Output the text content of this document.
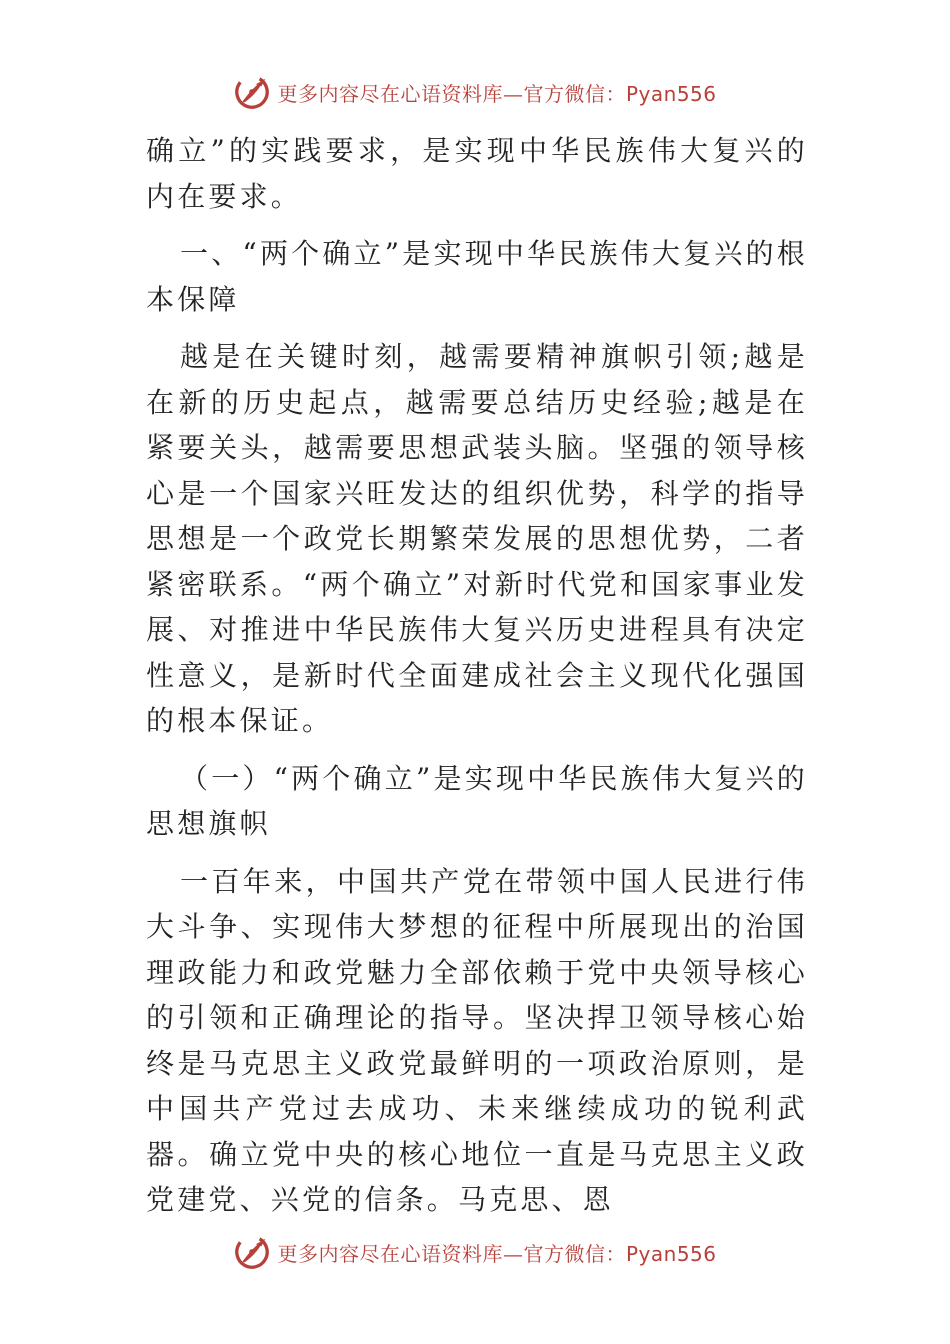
更多内容尽在心语资料库—官方微信：Pyan556

确立”的实践要求，是实现中华民族伟大复兴的内在要求。

一、“两个确立”是实现中华民族伟大复兴的根本保障

越是在关键时刻，越需要精神旗帜引领;越是在新的历史起点，越需要总结历史经验;越是在紧要关头，越需要思想武装头脑。坚强的领导核心是一个国家兴旺发达的组织优势，科学的指导思想是一个政党长期繁荣发展的思想优势，二者紧密联系。“两个确立”对新时代党和国家事业发展、对推进中华民族伟大复兴历史进程具有决定性意义，是新时代全面建成社会主义现代化强国的根本保证。

（一）“两个确立”是实现中华民族伟大复兴的思想旗帜

一百年来，中国共产党在带领中国人民进行伟大斗争、实现伟大梦想的征程中所展现出的治国理政能力和政党魅力全部依赖于党中央领导核心的引领和正确理论的指导。坚决捍卫领导核心始终是马克思主义政党最鲜明的一项政治原则，是中国共产党过去成功、未来继续成功的锐利武器。确立党中央的核心地位一直是马克思主义政党建党、兴党的信条。马克思、恩

更多内容尽在心语资料库—官方微信：Pyan556
